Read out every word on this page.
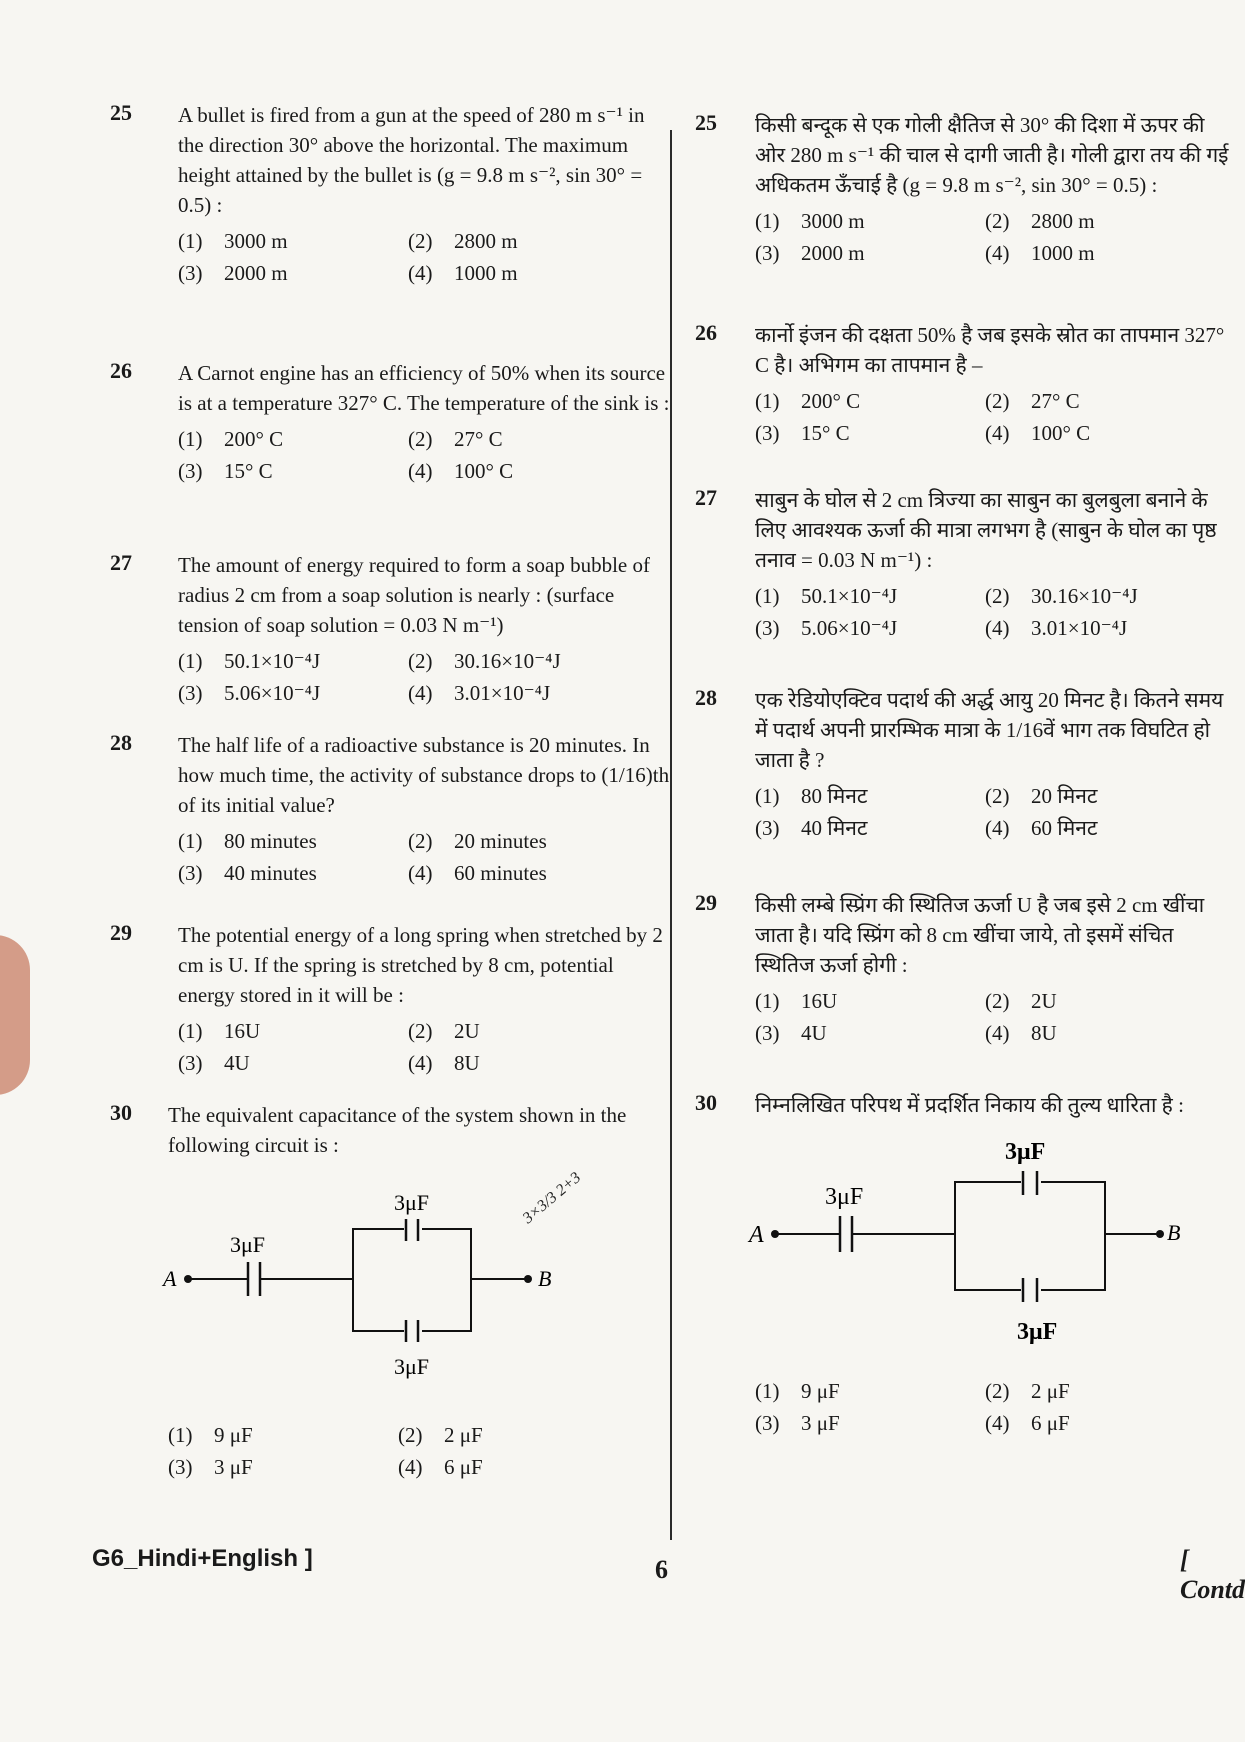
25 A bullet is fired from a gun at the speed of 280 m s⁻¹ in the direction 30° above the horizontal. The maximum height attained by the bullet is (g = 9.8 m s⁻², sin 30° = 0.5) :

(1) 3000 m	(2) 2800 m
(3) 2000 m	(4) 1000 m
26 A Carnot engine has an efficiency of 50% when its source is at a temperature 327° C. The temperature of the sink is :

(1) 200° C	(2) 27° C
(3) 15° C	(4) 100° C
27 The amount of energy required to form a soap bubble of radius 2 cm from a soap solution is nearly : (surface tension of soap solution = 0.03 N m⁻¹)

(1) 50.1×10⁻⁴J	(2) 30.16×10⁻⁴J
(3) 5.06×10⁻⁴J	(4) 3.01×10⁻⁴J
28 The half life of a radioactive substance is 20 minutes. In how much time, the activity of substance drops to (1/16)th of its initial value?

(1) 80 minutes	(2) 20 minutes
(3) 40 minutes	(4) 60 minutes
29 The potential energy of a long spring when stretched by 2 cm is U. If the spring is stretched by 8 cm, potential energy stored in it will be :

(1) 16U	(2) 2U
(3) 4U	(4) 8U
30 The equivalent capacitance of the system shown in the following circuit is :

A	B
3μF
3μF
3μF
3×3/3 2+3
(1) 9 μF	(2) 2 μF
(3) 3 μF	(4) 6 μF
25 किसी बन्दूक से एक गोली क्षैतिज से 30° की दिशा में ऊपर की ओर 280 m s⁻¹ की चाल से दागी जाती है। गोली द्वारा तय की गई अधिकतम ऊँचाई है (g = 9.8 m s⁻², sin 30° = 0.5) :

(1) 3000 m	(2) 2800 m
(3) 2000 m	(4) 1000 m
26 कार्नो इंजन की दक्षता 50% है जब इसके स्रोत का तापमान 327° C है। अभिगम का तापमान है –

(1) 200° C	(2) 27° C
(3) 15° C	(4) 100° C
27 साबुन के घोल से 2 cm त्रिज्या का साबुन का बुलबुला बनाने के लिए आवश्यक ऊर्जा की मात्रा लगभग है (साबुन के घोल का पृष्ठ तनाव = 0.03 N m⁻¹) :

(1) 50.1×10⁻⁴J	(2) 30.16×10⁻⁴J
(3) 5.06×10⁻⁴J	(4) 3.01×10⁻⁴J
28 एक रेडियोएक्टिव पदार्थ की अर्द्ध आयु 20 मिनट है। कितने समय में पदार्थ अपनी प्रारम्भिक मात्रा के 1/16वें भाग तक विघटित हो जाता है ?

(1) 80 मिनट	(2) 20 मिनट
(3) 40 मिनट	(4) 60 मिनट
29 किसी लम्बे स्प्रिंग की स्थितिज ऊर्जा U है जब इसे 2 cm खींचा जाता है। यदि स्प्रिंग को 8 cm खींचा जाये, तो इसमें संचित स्थितिज ऊर्जा होगी :

(1) 16U	(2) 2U
(3) 4U	(4) 8U
30 निम्नलिखित परिपथ में प्रदर्शित निकाय की तुल्य धारिता है :

A	B
3μF
3μF
3μF
(1) 9 μF	(2) 2 μF
(3) 3 μF	(4) 6 μF
G6_Hindi+English ]	6	[ Contd
